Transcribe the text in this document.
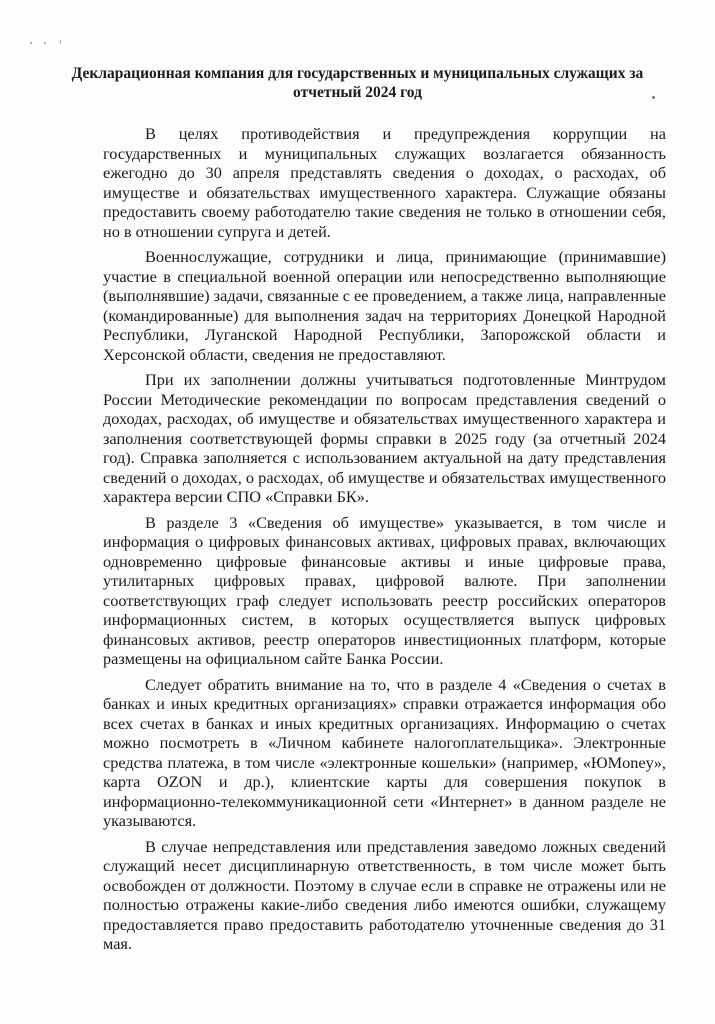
Декларационная компания для государственных и муниципальных служащих за отчетный 2024 год

В целях противодействия и предупреждения коррупции на государственных и муниципальных служащих возлагается обязанность ежегодно до 30 апреля представлять сведения о доходах, о расходах, об имуществе и обязательствах имущественного характера. Служащие обязаны предоставить своему работодателю такие сведения не только в отношении себя, но в отношении супруга и детей.

Военнослужащие, сотрудники и лица, принимающие (принимавшие) участие в специальной военной операции или непосредственно выполняющие (выполнявшие) задачи, связанные с ее проведением, а также лица, направленные (командированные) для выполнения задач на территориях Донецкой Народной Республики, Луганской Народной Республики, Запорожской области и Херсонской области, сведения не предоставляют.

При их заполнении должны учитываться подготовленные Минтрудом России Методические рекомендации по вопросам представления сведений о доходах, расходах, об имуществе и обязательствах имущественного характера и заполнения соответствующей формы справки в 2025 году (за отчетный 2024 год). Справка заполняется с использованием актуальной на дату представления сведений о доходах, о расходах, об имуществе и обязательствах имущественного характера версии СПО «Справки БК».

В разделе 3 «Сведения об имуществе» указывается, в том числе и информация о цифровых финансовых активах, цифровых правах, включающих одновременно цифровые финансовые активы и иные цифровые права, утилитарных цифровых правах, цифровой валюте. При заполнении соответствующих граф следует использовать реестр российских операторов информационных систем, в которых осуществляется выпуск цифровых финансовых активов, реестр операторов инвестиционных платформ, которые размещены на официальном сайте Банка России.

Следует обратить внимание на то, что в разделе 4 «Сведения о счетах в банках и иных кредитных организациях» справки отражается информация обо всех счетах в банках и иных кредитных организациях. Информацию о счетах можно посмотреть в «Личном кабинете налогоплательщика». Электронные средства платежа, в том числе «электронные кошельки» (например, «ЮMoney», карта OZON и др.), клиентские карты для совершения покупок в информационно-телекоммуникационной сети «Интернет» в данном разделе не указываются.

В случае непредставления или представления заведомо ложных сведений служащий несет дисциплинарную ответственность, в том числе может быть освобожден от должности. Поэтому в случае если в справке не отражены или не полностью отражены какие-либо сведения либо имеются ошибки, служащему предоставляется право предоставить работодателю уточненные сведения до 31 мая.
